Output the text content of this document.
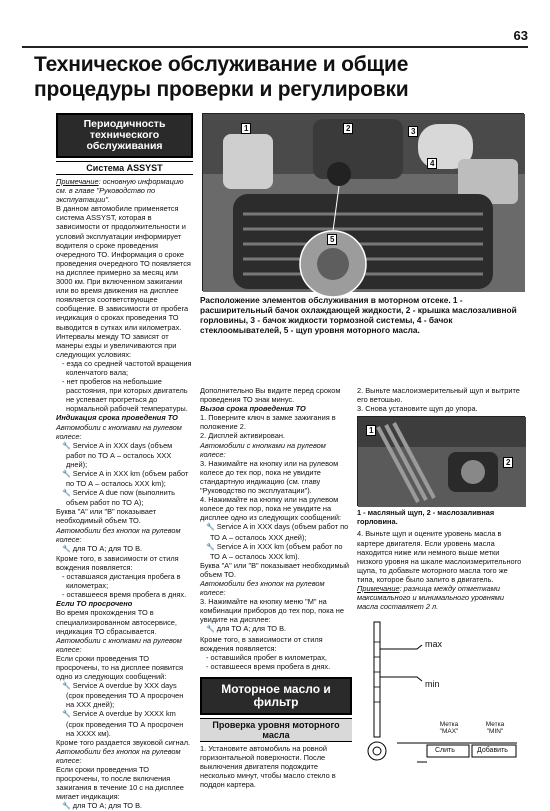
63
Техническое обслуживание и общие процедуры проверки и регулировки
Периодичность технического обслуживания
Система ASSYST

Примечание: основную информацию см. в главе "Руководство по эксплуатации".

В данном автомобиле применяется система ASSYST, которая в зависимости от продолжительности и условий эксплуатации информирует водителя о сроке проведения очередного ТО. Информация о сроке проведения очередного ТО появляется на дисплее примерно за месяц или 3000 км. При включенном зажигании или во время движения на дисплее появляется соответствующее сообщение. В зависимости от пробега индикация о сроках проведения ТО выводится в сутках или километрах. Интервалы между ТО зависят от манеры езды и увеличиваются при следующих условиях:

- езда со средней частотой вращения коленчатого вала;

- нет пробегов на небольшие расстояния, при которых двигатель не успевает прогреться до нормальной рабочей температуры.

Индикация срока проведения ТО

Автомобили с кнопками на рулевом колесе:

🔧 Service A in XXX days (объем работ по ТО А – осталось XXX дней);

🔧 Service A in XXX km (объем работ по ТО А – осталось XXX km);

🔧 Service A due now (выполнить объем работ по ТО А);

Буква "А" или "В" показывает необходимый объем ТО.

Автомобили без кнопок на рулевом колесе:

🔧 для ТО А; для ТО В.

Кроме того, в зависимости от стиля вождения появляется:

- оставшаяся дистанция пробега в километрах;

- оставшееся время пробега в днях.

Если ТО просрочено

Во время прохождения ТО в специализированном автосервисе, индикация ТО сбрасывается.

Автомобили с кнопками на рулевом колесе:

Если сроки проведения ТО просрочены, то на дисплее появится одно из следующих сообщений:

🔧 Service A overdue by XXX days (срок проведения ТО А просрочен на XXX дней);

🔧 Service A overdue by XXXX km (срок проведения ТО А просрочен на XXXX км).

Кроме того раздается звуковой сигнал.

Автомобили без кнопок на рулевом колесе:

Если сроки проведения ТО просрочены, то после включения зажигания в течение 10 с на дисплее мигает индикация:

🔧 для ТО А; для ТО В.

1	2	3
4
5
Расположение элементов обслуживания в моторном отсеке. 1 - расширительный бачок охлаждающей жидкости, 2 - крышка маслозаливной горловины, 3 - бачок жидкости тормозной системы, 4 - бачок стеклоомывателей, 5 - щуп уровня моторного масла.

Дополнительно Вы видите перед сроком проведения ТО знак минус.

Вызов срока проведения ТО

1. Поверните ключ в замке зажигания в положение 2.

2. Дисплей активирован.

Автомобили с кнопками на рулевом колесе:

3. Нажимайте на кнопку или на рулевом колесе до тех пор, пока не увидите стандартную индикацию (см. главу "Руководство по эксплуатации").

4. Нажимайте на кнопку или на рулевом колесе до тех пор, пока не увидите на дисплее одно из следующих сообщений:

🔧 Service A in XXX days (объем работ по ТО А – осталось XXX дней);

🔧 Service A in XXX km (объем работ по ТО А – осталось XXX km).

Буква "А" или "В" показывает необходимый объем ТО.

Автомобили без кнопок на рулевом колесе:

3. Нажимайте на кнопку меню "М" на комбинации приборов до тех пор, пока не увидите на дисплее:

🔧 для ТО А; для ТО В.

Кроме того, в зависимости от стиля вождения появляется:

- оставшийся пробег в километрах,

- оставшееся время пробега в днях.

Моторное масло и фильтр
Проверка уровня моторного масла

1. Установите автомобиль на ровной горизонтальной поверхности. После выключения двигателя подождите несколько минут, чтобы масло стекло в поддон картера.

2. Выньте маслоизмерительный щуп и вытрите его ветошью.

3. Снова установите щуп до упора.

1
2

1 - масляный щуп, 2 - маслозаливная горловина.

4. Выньте щуп и оцените уровень масла в картере двигателя. Если уровень масла находится ниже или немного выше метки низкого уровня на шкале маслоизмерительного щупа, то добавьте моторного масла того же типа, которое было залито в двигатель.

Примечание: разница между отметками максимального и минимального уровнями масла составляет 2 л.

max
min
Метка "MAX"
Метка "MIN"
Слить	Добавить
